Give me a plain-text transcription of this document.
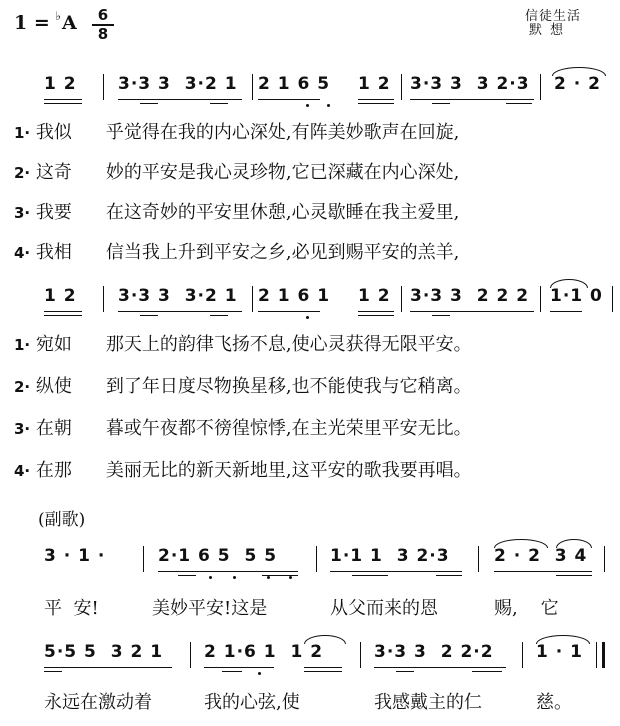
1 = ♭A	6
8
信徒生活
默想
1 2 3·3 3  3·2 1 2 1 6 5 1 2 3·3 3  3 2·3 2 · 2
1· 我似 乎觉得在我的内心深处,有阵美妙歌声在回旋,
2· 这奇 妙的平安是我心灵珍物,它已深藏在内心深处,
3· 我要 在这奇妙的平安里休憩,心灵歇睡在我主爱里,
4· 我相 信当我上升到平安之乡,必见到赐平安的羔羊,
1 2 3·3 3  3·2 1 2 1 6 1 1 2 3·3 3  2 2 2 1·1 0
1· 宛如 那天上的韵律飞扬不息,使心灵获得无限平安。
2· 纵使 到了年日度尽物换星移,也不能使我与它稍离。
3· 在朝 暮或午夜都不徬徨惊悸,在主光荣里平安无比。
4· 在那 美丽无比的新天新地里,这平安的歌我要再唱。
(副歌)
3 · 1 ·	2·1 6 5  5 5	1·1 1  3 2·3	2 · 2  3 4
平  安!	美妙平安!这是	从父而来的恩	赐,    它
5·5 5  3 2 1 2 1·6 1  1 2	3·3 3  2 2·2 1 · 1
永远在激动着	我的心弦,使	我感戴主的仁	慈。
